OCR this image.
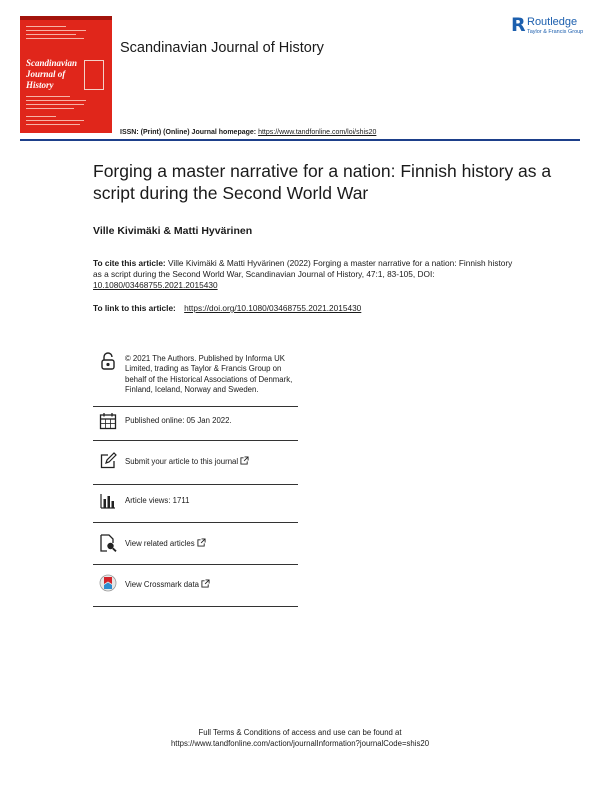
Scandinavian
Journal of
History
R Routledge
Taylor & Francis Group
Scandinavian Journal of History
ISSN: (Print) (Online) Journal homepage: https://www.tandfonline.com/loi/shis20
Forging a master narrative for a nation: Finnish history as a script during the Second World War
Ville Kivimäki & Matti Hyvärinen
To cite this article: Ville Kivimäki & Matti Hyvärinen (2022) Forging a master narrative for a nation: Finnish history as a script during the Second World War, Scandinavian Journal of History, 47:1, 83-105, DOI: 10.1080/03468755.2021.2015430
To link to this article: https://doi.org/10.1080/03468755.2021.2015430
© 2021 The Authors. Published by Informa UK Limited, trading as Taylor & Francis Group on behalf of the Historical Associations of Denmark, Finland, Iceland, Norway and Sweden.
Published online: 05 Jan 2022.
Submit your article to this journal
Article views: 1711
View related articles
View Crossmark data
Full Terms & Conditions of access and use can be found at
https://www.tandfonline.com/action/journalInformation?journalCode=shis20
